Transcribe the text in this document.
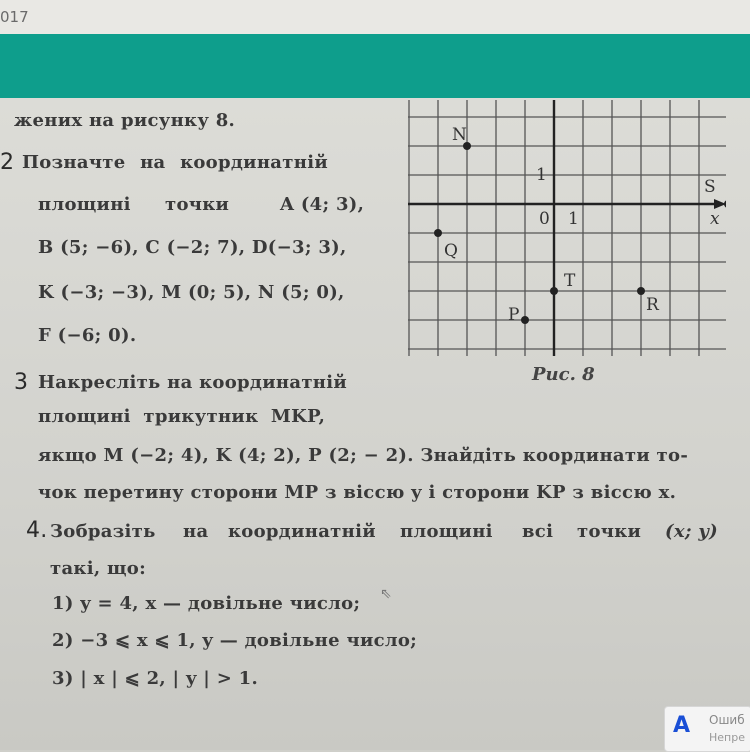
017
жених на рисунку 8.
2 Позначте на координатній
площині точки	A (4; 3),
B (5; −6), C (−2; 7), D(−3; 3),
K (−3; −3), M (0; 5), N (5; 0),
F (−6; 0).
N
S
Q
T
R
P
1
0 1	x
Рис. 8
3 Накресліть на координатній
площині трикутник MKP,
якщо M (−2; 4), K (4; 2), P (2; − 2). Знайдіть координати то-
чок перетину сторони MP з віссю y і сторони KP з віссю x.
4. Зобразіть на координатній площині всі точки (x; y)
такі, що:
1) y = 4, x — довільне число;
2) −3 ⩽ x ⩽ 1, y — довільне число;
3) | x | ⩽ 2, | y | > 1.
⇖
A	Ошиб
Непре
